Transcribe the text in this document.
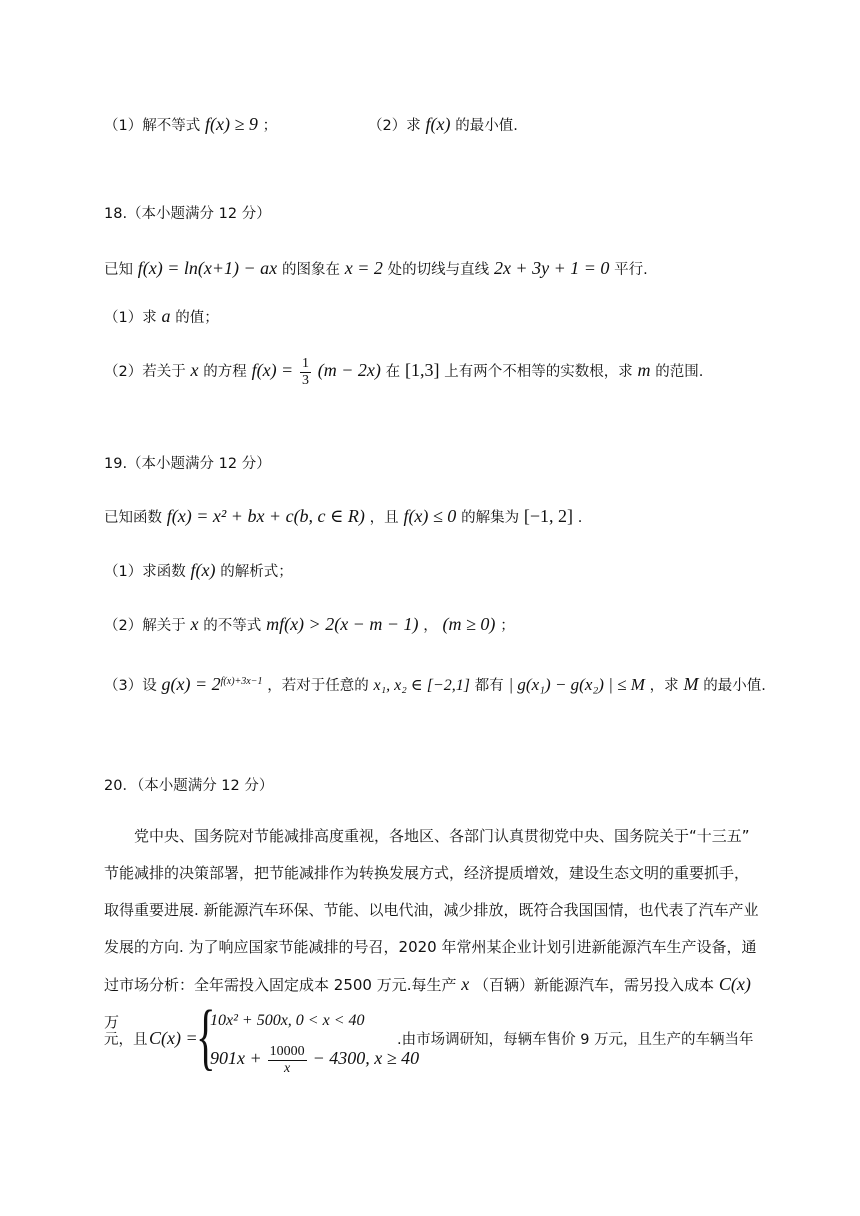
（1）解不等式 f(x) ≥ 9 ；	（2）求 f(x) 的最小值.
18.（本小题满分 12 分）
已知 f(x) = ln(x+1) − ax 的图象在 x = 2 处的切线与直线 2x + 3y + 1 = 0 平行.
（1）求 a 的值；
（2）若关于 x 的方程 $f(x) = \frac{1}{3} (m - 2x)$ 在 [1,3] 上有两个不相等的实数根，求 m 的范围.
19.（本小题满分 12 分）
已知函数 f(x) = x² + bx + c(b, c ∈ R) ，且 f(x) ≤ 0 的解集为 [−1, 2] .
（1）求函数 f(x) 的解析式；
（2）解关于 x 的不等式 mf(x) > 2(x − m − 1) ， (m ≥ 0) ；
（3）设 $g(x) = 2^{f(x)+3x-1}$ ，若对于任意的 x₁, x₂ ∈ [−2,1] 都有 | g(x₁) − g(x₂) | ≤ M ，求 M 的最小值.
20．（本小题满分 12 分）

　　党中央、国务院对节能减排高度重视，各地区、各部门认真贯彻党中央、国务院关于“十三五”

节能减排的决策部署，把节能减排作为转换发展方式，经济提质增效，建设生态文明的重要抓手，

取得重要进展. 新能源汽车环保、节能、以电代油，减少排放，既符合我国国情，也代表了汽车产业

发展的方向. 为了响应国家节能减排的号召，2020 年常州某企业计划引进新能源汽车生产设备，通

过市场分析：全年需投入固定成本 2500 万元.每生产 x （百辆）新能源汽车，需另投入成本 C(x) 万

元，且 C(x) =
{
10x² + 500x, 0 < x < 40
$901x + \frac{10000}{x} - 4300$, x ≥ 40
.由市场调研知，每辆车售价 9 万元，且生产的车辆当年
